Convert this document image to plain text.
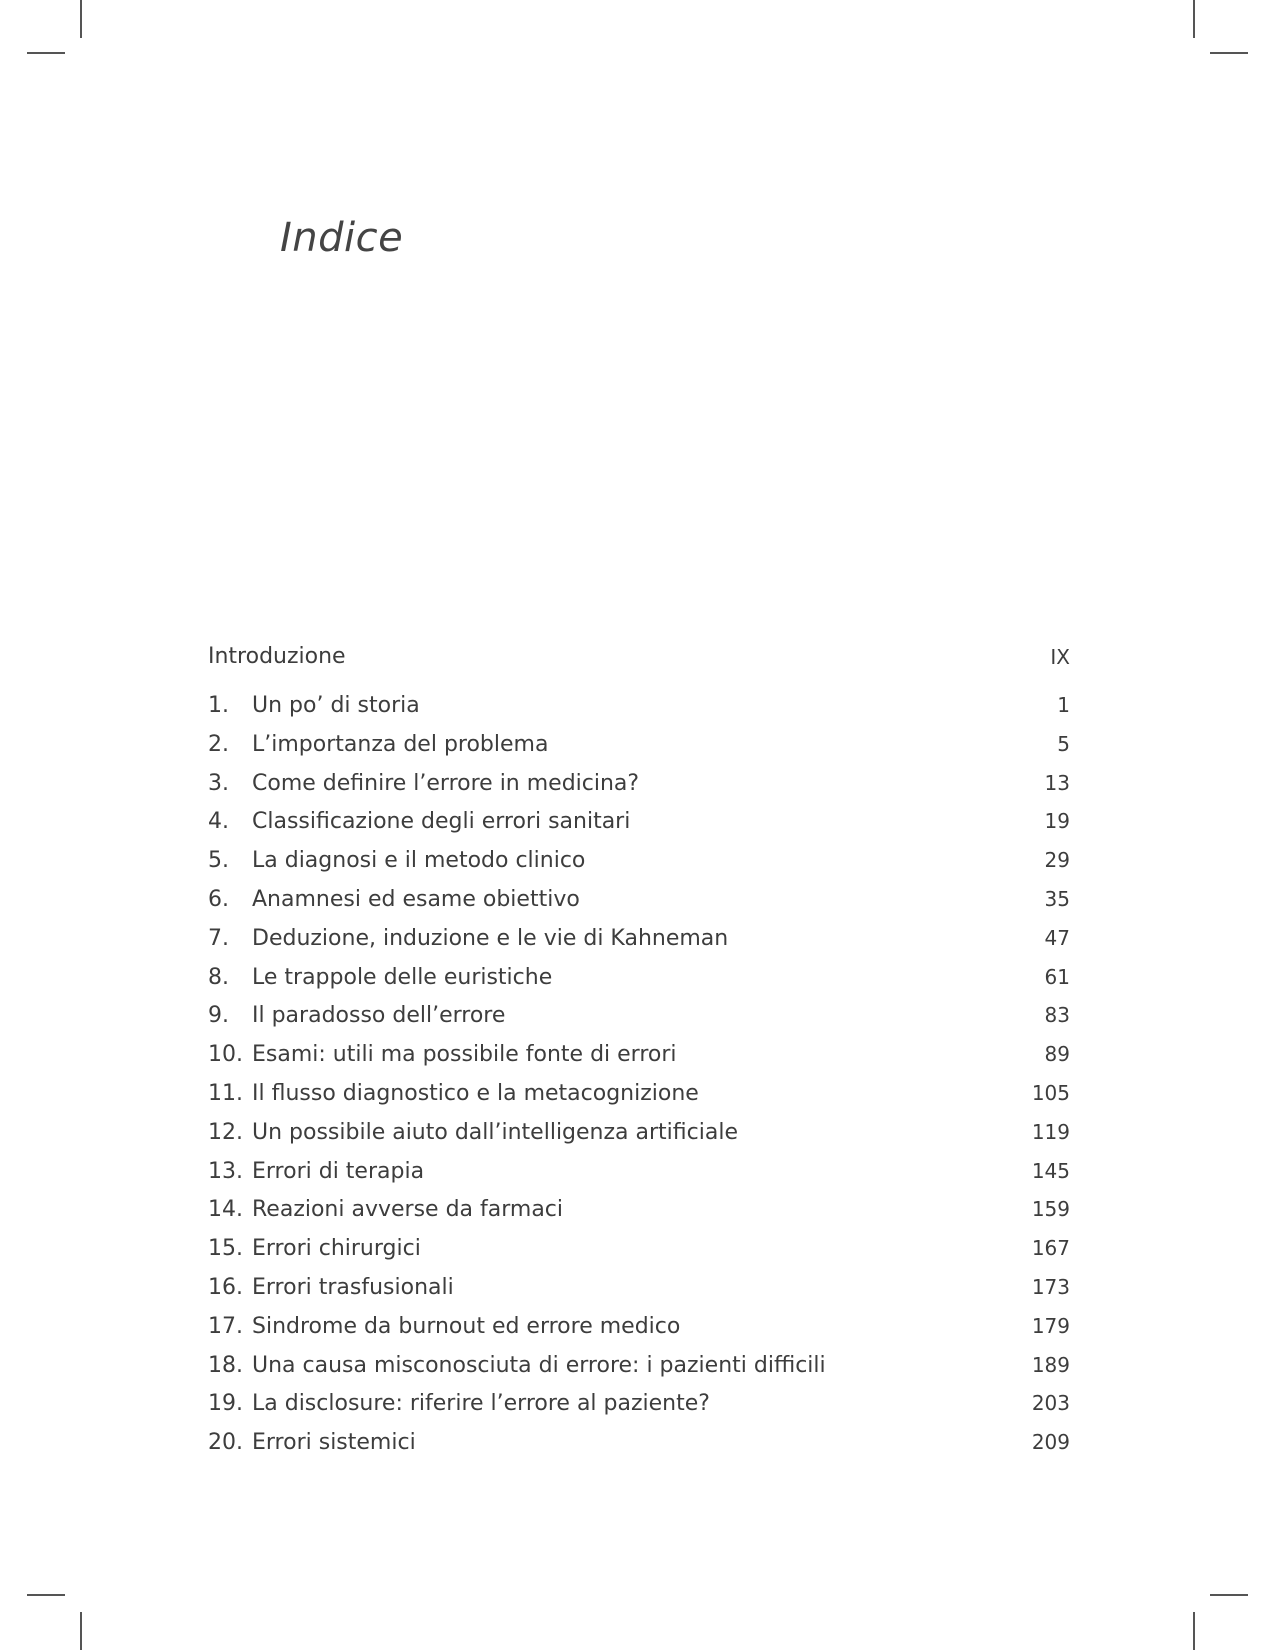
Indice
Introduzione	IX
1.	Un po’ di storia	1
2.	L’importanza del problema	5
3.	Come definire l’errore in medicina?	13
4.	Classificazione degli errori sanitari	19
5.	La diagnosi e il metodo clinico	29
6.	Anamnesi ed esame obiettivo	35
7.	Deduzione, induzione e le vie di Kahneman	47
8.	Le trappole delle euristiche	61
9.	Il paradosso dell’errore	83
10. Esami: utili ma possibile fonte di errori	89
11. Il flusso diagnostico e la metacognizione	105
12. Un possibile aiuto dall’intelligenza artificiale	119
13. Errori di terapia	145
14. Reazioni avverse da farmaci	159
15. Errori chirurgici	167
16. Errori trasfusionali	173
17. Sindrome da burnout ed errore medico	179
18. Una causa misconosciuta di errore: i pazienti difficili	189
19. La disclosure: riferire l’errore al paziente?	203
20. Errori sistemici	209
